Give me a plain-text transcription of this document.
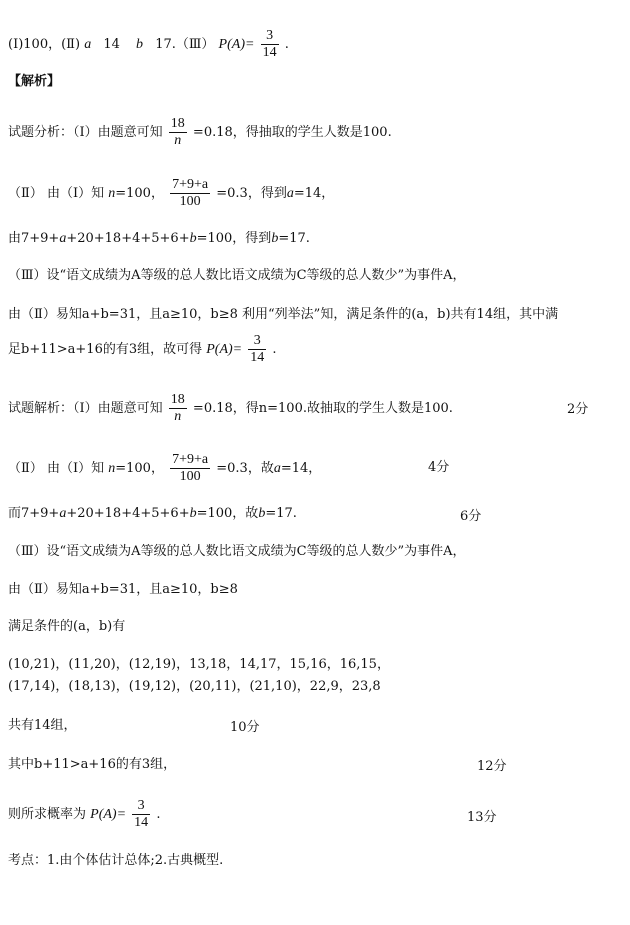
(Ⅰ)100，(Ⅱ) a 14 b 17.（Ⅲ） $P(A)= \frac{3}{14}$ .
【解析】
试题分析：（Ⅰ）由题意可知 $\frac{18}{n} =0.18$，得抽取的学生人数是100.
（Ⅱ） 由（Ⅰ）知 n=100， $\frac{7+9+a}{100} =0.3$，得到a=14，
由7+9+a+20+18+4+5+6+b=100，得到b=17.
（Ⅲ）设“语文成绩为A等级的总人数比语文成绩为C等级的总人数少”为事件A，
由（Ⅱ）易知a+b=31，且a≥10，b≥8 利用“列举法”知，满足条件的(a，b)共有14组，其中满
足b+11>a+16的有3组，故可得 $P(A)= \frac{3}{14}$ .
试题解析：（Ⅰ）由题意可知 $\frac{18}{n} =0.18$，得n=100.故抽取的学生人数是100.	2分
（Ⅱ） 由（Ⅰ）知 n=100， $\frac{7+9+a}{100} =0.3$，故a=14，	4分
而7+9+a+20+18+4+5+6+b=100，故b=17.	6分
（Ⅲ）设“语文成绩为A等级的总人数比语文成绩为C等级的总人数少”为事件A，
由（Ⅱ）易知a+b=31，且a≥10，b≥8
满足条件的(a，b)有
(10,21)，(11,20)，(12,19)，13,18，14,17，15,16，16,15，
(17,14)，(18,13)，(19,12)，(20,11)，(21,10)，22,9，23,8
共有14组，	10分
其中b+11>a+16的有3组，	12分
则所求概率为 $P(A)= \frac{3}{14}$ .	13分
考点：1.由个体估计总体;2.古典概型.
